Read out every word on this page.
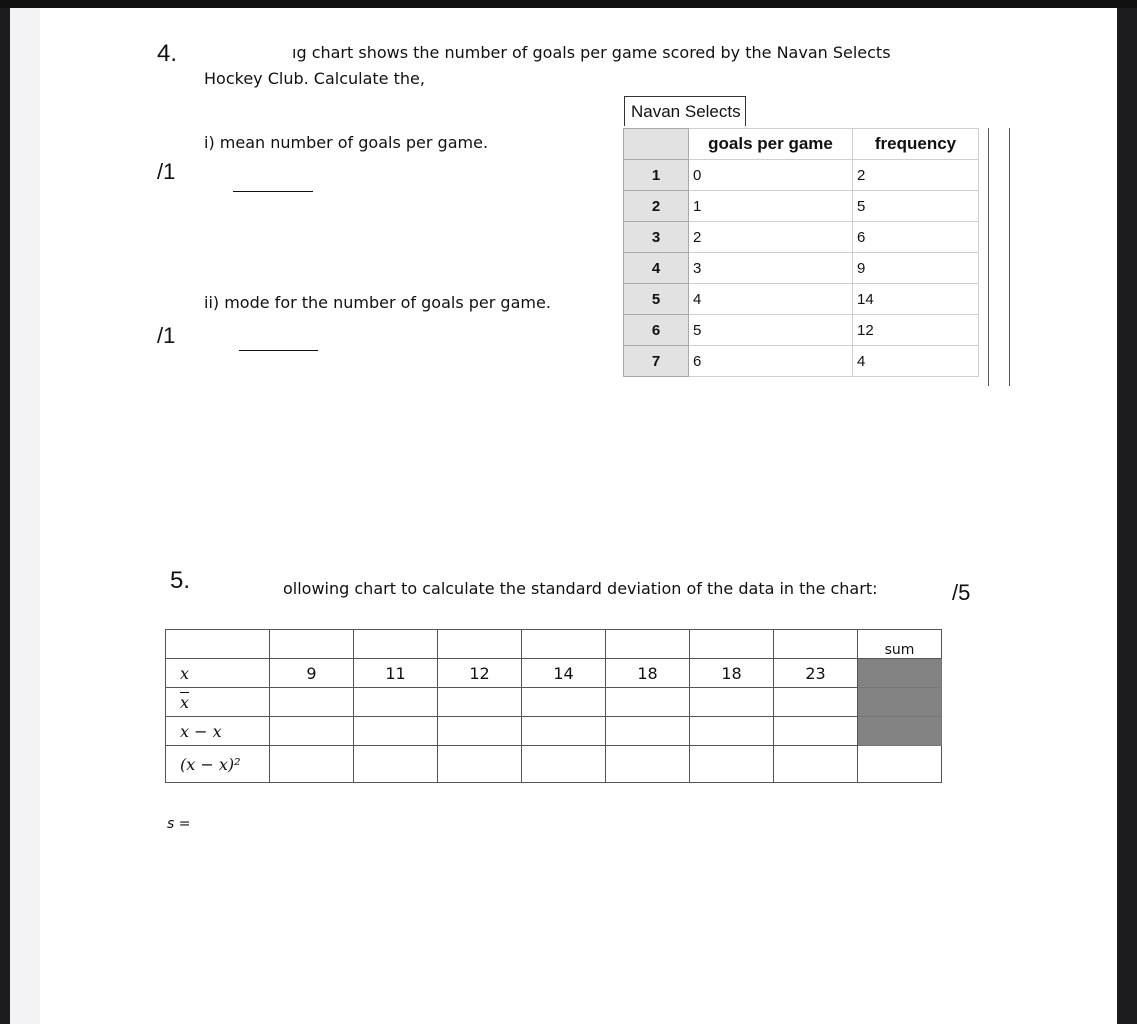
4.	ıg chart shows the number of goals per game scored by the Navan Selects
Hockey Club. Calculate the,
i) mean number of goals per game.
/1
ii) mode for the number of goals per game.
/1
Navan Selects
	goals per game	frequency
1	0	2
2	1	5
3	2	6
4	3	9
5	4	14
6	5	12
7	6	4
5.	ollowing chart to calculate the standard deviation of the data in the chart:	/5
								sum
x	9	11	12	14	18	18	23	
$\overline{x}$								
x − x								
(x − x)²								
s =
